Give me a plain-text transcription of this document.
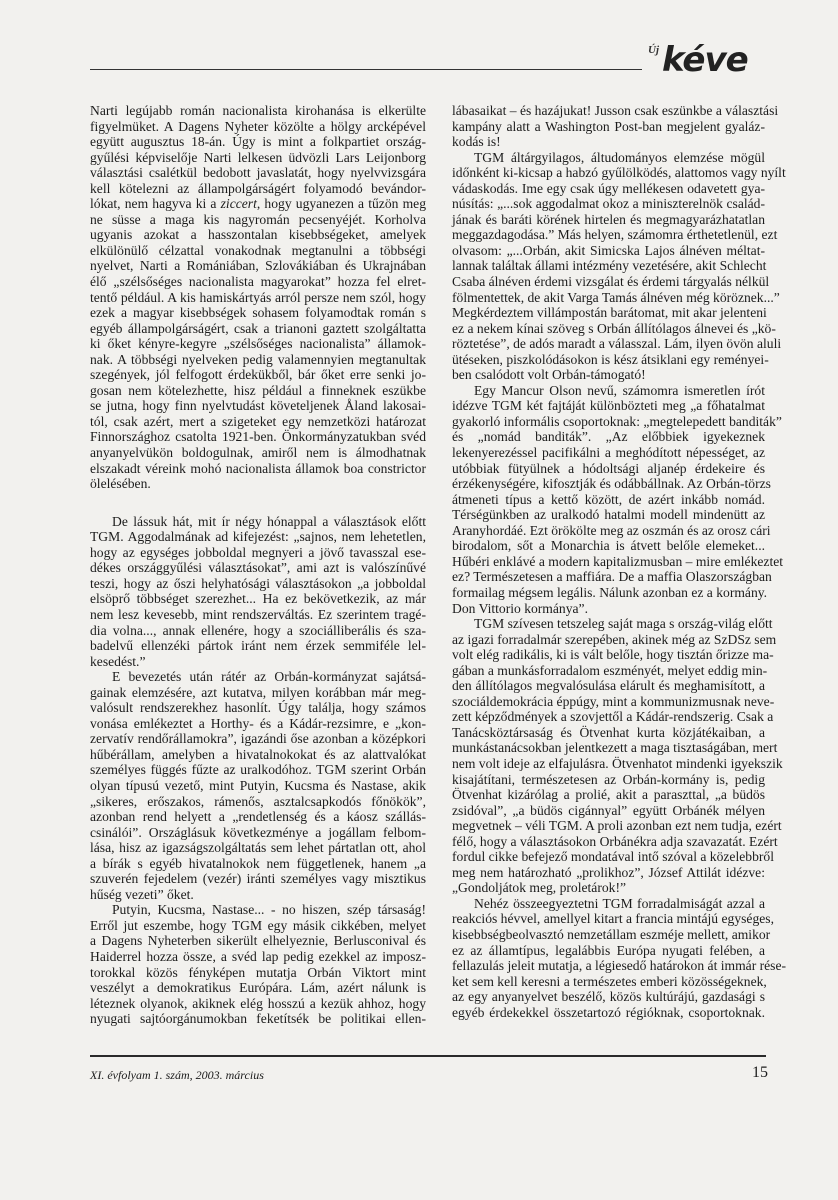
Új kéve
Narti legújabb román nacionalista kirohanása is elkerülte
figyelmüket. A Dagens Nyheter közölte a hölgy arcképével
együtt augusztus 18-án. Úgy is mint a folkpartiet ország-
gyűlési képviselője Narti lelkesen üdvözli Lars Leijonborg
választási csalétkül bedobott javaslatát, hogy nyelvvizsgára
kell kötelezni az állampolgárságért folyamodó bevándor-
lókat, nem hagyva ki a ziccert, hogy ugyanezen a tűzön meg
ne süsse a maga kis nagyromán pecsenyéjét. Korholva
ugyanis azokat a hasszontalan kisebbségeket, amelyek
elkülönülő célzattal vonakodnak megtanulni a többségi
nyelvet, Narti a Romániában, Szlovákiában és Ukrajnában
élő „szélsőséges nacionalista magyarokat” hozza fel elret-
tentő például. A kis hamiskártyás arról persze nem szól, hogy
ezek a magyar kisebbségek sohasem folyamodtak román s
egyéb állampolgárságért, csak a trianoni gaztett szolgáltatta
ki őket kényre-kegyre „szélsőséges nacionalista” államok-
nak. A többségi nyelveken pedig valamennyien megtanultak
szegények, jól felfogott érdekükből, bár őket erre senki jo-
gosan nem kötelezhette, hisz például a finneknek eszükbe
se jutna, hogy finn nyelvtudást követeljenek Åland lakosai-
tól, csak azért, mert a szigeteket egy nemzetközi határozat
Finnországhoz csatolta 1921-ben. Önkormányzatukban svéd
anyanyelvükön boldogulnak, amiről nem is álmodhatnak
elszakadt véreink mohó nacionalista államok boa constrictor
ölelésében.
De lássuk hát, mit ír négy hónappal a választások előtt
TGM. Aggodalmának ad kifejezést: „sajnos, nem lehetetlen,
hogy az egységes jobboldal megnyeri a jövő tavasszal ese-
dékes országgyűlési választásokat”, ami azt is valószínűvé
teszi, hogy az őszi helyhatósági választásokon „a jobboldal
elsöprő többséget szerezhet... Ha ez bekövetkezik, az már
nem lesz kevesebb, mint rendszerváltás. Ez szerintem tragé-
dia volna..., annak ellenére, hogy a szociálliberális és sza-
badelvű ellenzéki pártok iránt nem érzek semmiféle lel-
kesedést.”
E bevezetés után rátér az Orbán-kormányzat sajátsá-
gainak elemzésére, azt kutatva, milyen korábban már meg-
valósult rendszerekhez hasonlít. Úgy találja, hogy számos
vonása emlékeztet a Horthy- és a Kádár-rezsimre, e „kon-
zervatív rendőrállamokra”, igazándi őse azonban a középkori
hűbérállam, amelyben a hivatalnokokat és az alattvalókat
személyes függés fűzte az uralkodóhoz. TGM szerint Orbán
olyan típusú vezető, mint Putyin, Kucsma és Nastase, akik
„sikeres, erőszakos, rámenős, asztalcsapkodós főnökök”,
azonban rend helyett a „rendetlenség és a káosz szállás-
csinálói”. Országlásuk következménye a jogállam felbom-
lása, hisz az igazságszolgáltatás sem lehet pártatlan ott, ahol
a bírák s egyéb hivatalnokok nem függetlenek, hanem „a
szuverén fejedelem (vezér) iránti személyes vagy misztikus
hűség vezeti” őket.
Putyin, Kucsma, Nastase... - no hiszen, szép társaság!
Erről jut eszembe, hogy TGM egy másik cikkében, melyet
a Dagens Nyheterben sikerült elhelyeznie, Berlusconival és
Haiderrel hozza össze, a svéd lap pedig ezekkel az imposz-
torokkal közös fényképen mutatja Orbán Viktort mint
veszélyt a demokratikus Európára. Lám, azért nálunk is
léteznek olyanok, akiknek elég hosszú a kezük ahhoz, hogy
nyugati sajtóorgánumokban feketítsék be politikai ellen-
lábasaikat – és hazájukat! Jusson csak eszünkbe a választási
kampány alatt a Washington Post-ban megjelent gyaláz-
kodás is!
TGM áltárgyilagos, áltudományos elemzése mögül
időnként ki-kicsap a habzó gyűlölködés, alattomos vagy nyílt
vádaskodás. Ime egy csak úgy mellékesen odavetett gya-
núsítás: „...sok aggodalmat okoz a miniszterelnök család-
jának és baráti körének hirtelen és megmagyarázhatatlan
meggazdagodása.” Más helyen, számomra érthetetlenül, ezt
olvasom: „...Orbán, akit Simicska Lajos álnéven méltat-
lannak találtak állami intézmény vezetésére, akit Schlecht
Csaba álnéven érdemi vizsgálat és érdemi tárgyalás nélkül
fölmentettek, de akit Varga Tamás álnéven még köröznek...”
Megkérdeztem villámpostán barátomat, mit akar jelenteni
ez a nekem kínai szöveg s Orbán állítólagos álnevei és „kö-
röztetése”, de adós maradt a válasszal. Lám, ilyen övön aluli
ütéseken, piszkolódásokon is kész átsiklani egy reményei-
ben csalódott volt Orbán-támogató!
Egy Mancur Olson nevű, számomra ismeretlen írót
idézve TGM két fajtáját különbözteti meg „a főhatalmat
gyakorló informális csoportoknak: „megtelepedett banditák”
és „nomád banditák”. „Az előbbiek igyekeznek
lekenyerezéssel pacifikálni a meghódított népességet, az
utóbbiak fütyülnek a hódoltsági aljanép érdekeire és
érzékenységére, kifosztják és odábbállnak. Az Orbán-törzs
átmeneti típus a kettő között, de azért inkább nomád.
Térségünkben az uralkodó hatalmi modell mindenütt az
Aranyhordáé. Ezt örökölte meg az oszmán és az orosz cári
birodalom, sőt a Monarchia is átvett belőle elemeket...
Hűbéri enklávé a modern kapitalizmusban – mire emlékeztet
ez? Természetesen a maffiára. De a maffia Olaszországban
formailag mégsem legális. Nálunk azonban ez a kormány.
Don Vittorio kormánya”.
TGM szívesen tetszeleg saját maga s ország-világ előtt
az igazi forradalmár szerepében, akinek még az SzDSz sem
volt elég radikális, ki is vált belőle, hogy tisztán őrizze ma-
gában a munkásforradalom eszményét, melyet eddig min-
den állítólagos megvalósulása elárult és meghamisított, a
szociáldemokrácia éppúgy, mint a kommunizmusnak neve-
zett képződmények a szovjettől a Kádár-rendszerig. Csak a
Tanácsköztársaság és Ötvenhat kurta közjátékaiban, a
munkástanácsokban jelentkezett a maga tisztaságában, mert
nem volt ideje az elfajulásra. Ötvenhatot mindenki igyekszik
kisajátítani, természetesen az Orbán-kormány is, pedig
Ötvenhat kizárólag a prolié, akit a paraszttal, „a büdös
zsidóval”, „a büdös cigánnyal” együtt Orbánék mélyen
megvetnek – véli TGM. A proli azonban ezt nem tudja, ezért
félő, hogy a választásokon Orbánékra adja szavazatát. Ezért
fordul cikke befejező mondatával intő szóval a közelebbről
meg nem határozható „prolikhoz”, József Attilát idézve:
„Gondoljátok meg, proletárok!”
Nehéz összeegyeztetni TGM forradalmiságát azzal a
reakciós hévvel, amellyel kitart a francia mintájú egységes,
kisebbségbeolvasztó nemzetállam eszméje mellett, amikor
ez az államtípus, legalábbis Európa nyugati felében, a
fellazulás jeleit mutatja, a légiesedő határokon át immár rése-
ket sem kell keresni a természetes emberi közösségeknek,
az egy anyanyelvet beszélő, közös kultúrájú, gazdasági s
egyéb érdekekkel összetartozó régióknak, csoportoknak.
XI. évfolyam 1. szám, 2003. március	15
